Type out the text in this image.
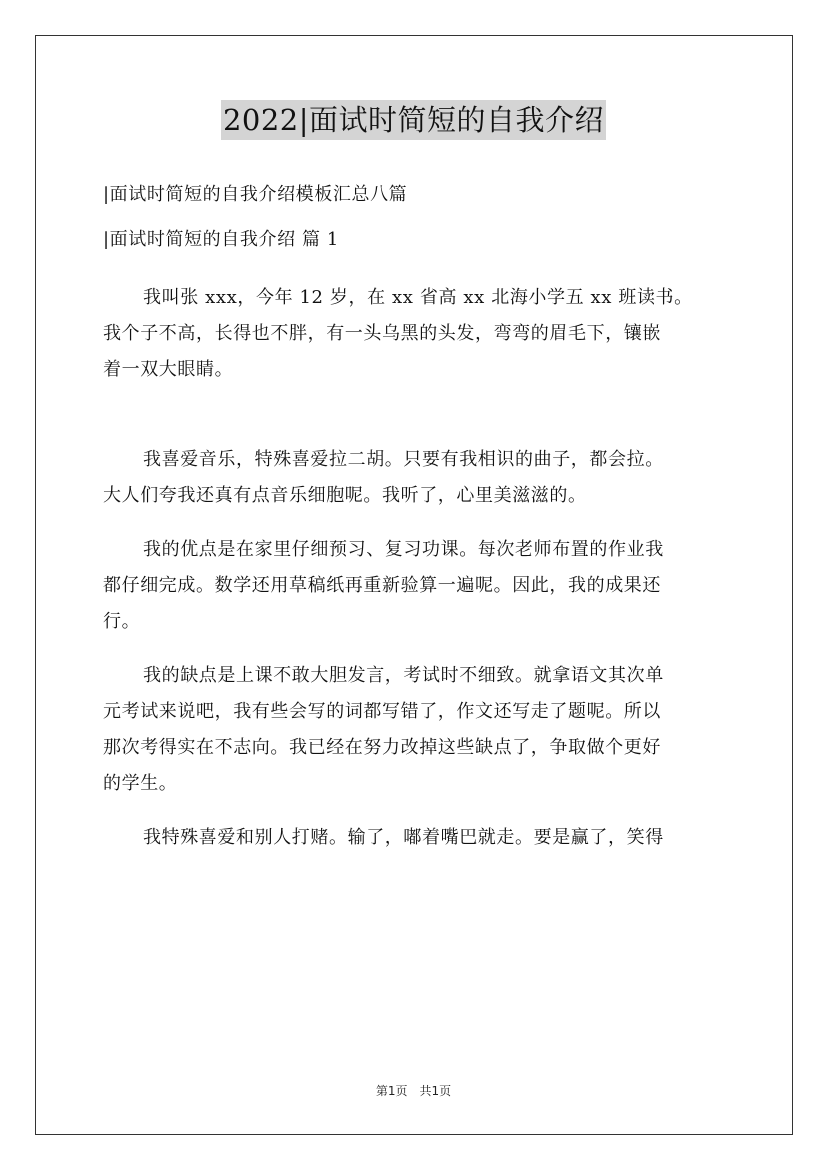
2022|面试时简短的自我介绍
|面试时简短的自我介绍模板汇总八篇
|面试时简短的自我介绍 篇 1
我叫张 xxx，今年 12 岁，在 xx 省高 xx 北海小学五 xx 班读书。
我个子不高，长得也不胖，有一头乌黑的头发，弯弯的眉毛下，镶嵌
着一双大眼睛。
我喜爱音乐，特殊喜爱拉二胡。只要有我相识的曲子，都会拉。
大人们夸我还真有点音乐细胞呢。我听了，心里美滋滋的。
我的优点是在家里仔细预习、复习功课。每次老师布置的作业我
都仔细完成。数学还用草稿纸再重新验算一遍呢。因此，我的成果还
行。
我的缺点是上课不敢大胆发言，考试时不细致。就拿语文其次单
元考试来说吧，我有些会写的词都写错了，作文还写走了题呢。所以
那次考得实在不志向。我已经在努力改掉这些缺点了，争取做个更好
的学生。
我特殊喜爱和别人打赌。输了，嘟着嘴巴就走。要是赢了，笑得
第1页　共1页
